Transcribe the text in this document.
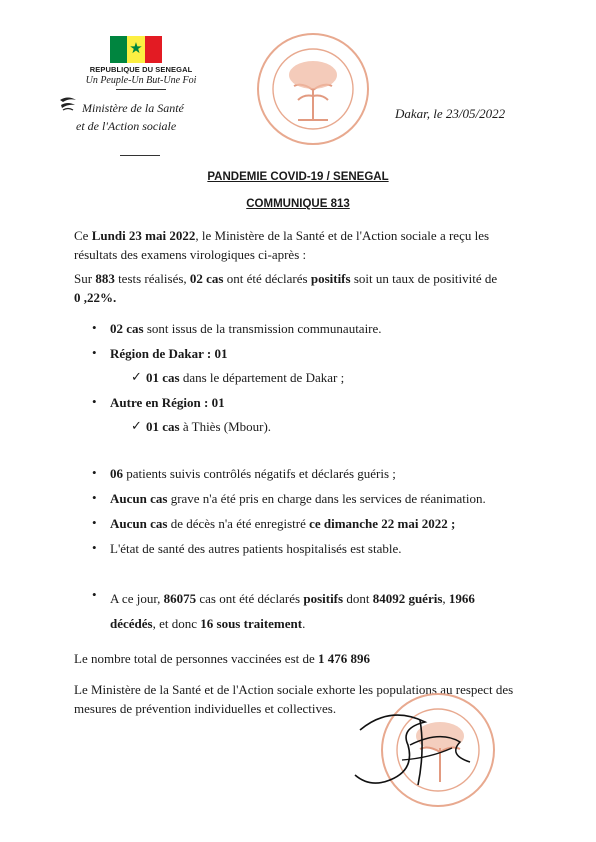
★
REPUBLIQUE DU SENEGAL
Un Peuple-Un But-Une Foi
Ministère de la Santé
et de l'Action sociale
Dakar, le 23/05/2022
PANDEMIE COVID-19 / SENEGAL
COMMUNIQUE 813
Ce Lundi 23 mai 2022, le Ministère de la Santé et de l'Action sociale a reçu les
résultats des examens virologiques ci-après :
Sur 883 tests réalisés, 02 cas ont été déclarés positifs soit un taux de positivité de
0 ,22%.
• 02 cas sont issus de la transmission communautaire.
• Région de Dakar : 01
✓ 01 cas dans le département de Dakar ;
• Autre en Région : 01
✓ 01 cas à Thiès (Mbour).
• 06 patients suivis contrôlés négatifs et déclarés guéris ;
• Aucun cas grave n'a été pris en charge dans les services de réanimation.
• Aucun cas de décès n'a été enregistré ce dimanche 22 mai 2022 ;
• L'état de santé des autres patients hospitalisés est stable.
• A ce jour, 86075 cas ont été déclarés positifs dont 84092 guéris, 1966
décédés, et donc 16 sous traitement.
Le nombre total de personnes vaccinées est de 1 476 896
Le Ministère de la Santé et de l'Action sociale exhorte les populations au respect des
mesures de prévention individuelles et collectives.
